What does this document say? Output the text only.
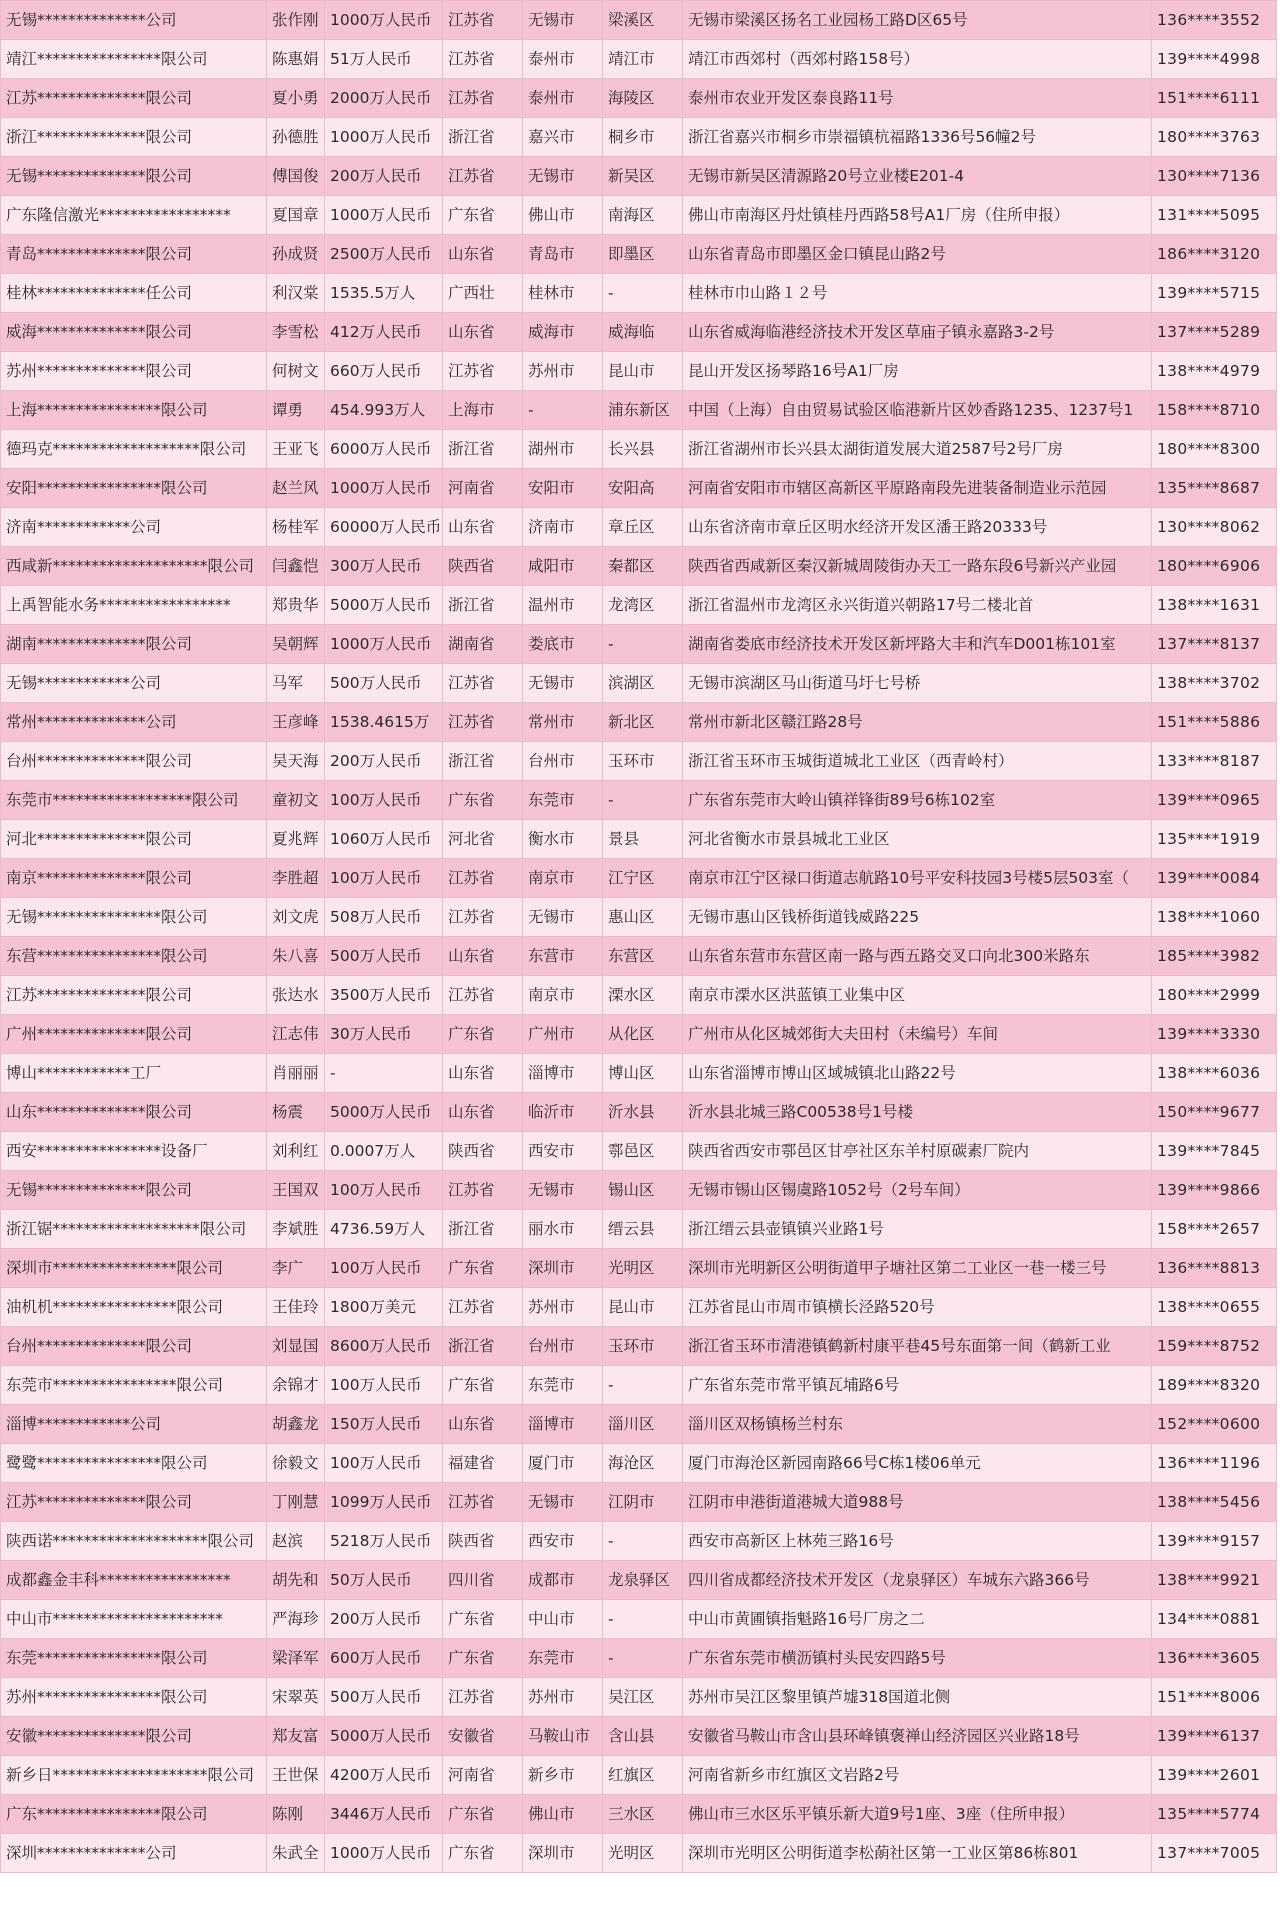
无锡**************公司	张作刚	1000万人民币	江苏省	无锡市	梁溪区	无锡市梁溪区扬名工业园杨工路D区65号	136****3552
靖江****************限公司	陈惠娟	51万人民币	江苏省	泰州市	靖江市	靖江市西郊村（西郊村路158号）	139****4998
江苏**************限公司	夏小勇	2000万人民币	江苏省	泰州市	海陵区	泰州市农业开发区泰良路11号	151****6111
浙江**************限公司	孙德胜	1000万人民币	浙江省	嘉兴市	桐乡市	浙江省嘉兴市桐乡市崇福镇杭福路1336号56幢2号	180****3763
无锡**************限公司	傅国俊	200万人民币	江苏省	无锡市	新吴区	无锡市新吴区清源路20号立业楼E201-4	130****7136
广东隆信激光*****************	夏国章	1000万人民币	广东省	佛山市	南海区	佛山市南海区丹灶镇桂丹西路58号A1厂房（住所申报）	131****5095
青岛**************限公司	孙成贤	2500万人民币	山东省	青岛市	即墨区	山东省青岛市即墨区金口镇昆山路2号	186****3120
桂林**************任公司	利汉棠	1535.5万人	广西壮	桂林市	-	桂林市巾山路１２号	139****5715
威海**************限公司	李雪松	412万人民币	山东省	威海市	威海临	山东省威海临港经济技术开发区草庙子镇永嘉路3-2号	137****5289
苏州**************限公司	何树文	660万人民币	江苏省	苏州市	昆山市	昆山开发区扬琴路16号A1厂房	138****4979
上海****************限公司	谭勇	454.993万人	上海市	-	浦东新区	中国（上海）自由贸易试验区临港新片区妙香路1235、1237号1	158****8710
德玛克*******************限公司	王亚飞	6000万人民币	浙江省	湖州市	长兴县	浙江省湖州市长兴县太湖街道发展大道2587号2号厂房	180****8300
安阳****************限公司	赵兰风	1000万人民币	河南省	安阳市	安阳高	河南省安阳市市辖区高新区平原路南段先进装备制造业示范园	135****8687
济南************公司	杨桂军	60000万人民币	山东省	济南市	章丘区	山东省济南市章丘区明水经济开发区潘王路20333号	130****8062
西咸新********************限公司	闫鑫恺	300万人民币	陕西省	咸阳市	秦都区	陕西省西咸新区秦汉新城周陵街办天工一路东段6号新兴产业园	180****6906
上禹智能水务*****************	郑贵华	5000万人民币	浙江省	温州市	龙湾区	浙江省温州市龙湾区永兴街道兴朝路17号二楼北首	138****1631
湖南**************限公司	吴朝辉	1000万人民币	湖南省	娄底市	-	湖南省娄底市经济技术开发区新坪路大丰和汽车D001栋101室	137****8137
无锡************公司	马军	500万人民币	江苏省	无锡市	滨湖区	无锡市滨湖区马山街道马圩七号桥	138****3702
常州**************公司	王彦峰	1538.4615万	江苏省	常州市	新北区	常州市新北区赣江路28号	151****5886
台州**************限公司	吴天海	200万人民币	浙江省	台州市	玉环市	浙江省玉环市玉城街道城北工业区（西青岭村）	133****8187
东莞市******************限公司	童初文	100万人民币	广东省	东莞市	-	广东省东莞市大岭山镇祥锋街89号6栋102室	139****0965
河北**************限公司	夏兆辉	1060万人民币	河北省	衡水市	景县	河北省衡水市景县城北工业区	135****1919
南京**************限公司	李胜超	100万人民币	江苏省	南京市	江宁区	南京市江宁区禄口街道志航路10号平安科技园3号楼5层503室（	139****0084
无锡****************限公司	刘文虎	508万人民币	江苏省	无锡市	惠山区	无锡市惠山区钱桥街道钱威路225	138****1060
东营****************限公司	朱八喜	500万人民币	山东省	东营市	东营区	山东省东营市东营区南一路与西五路交叉口向北300米路东	185****3982
江苏**************限公司	张达水	3500万人民币	江苏省	南京市	溧水区	南京市溧水区洪蓝镇工业集中区	180****2999
广州**************限公司	江志伟	30万人民币	广东省	广州市	从化区	广州市从化区城郊街大夫田村（未编号）车间	139****3330
博山************工厂	肖丽丽	-	山东省	淄博市	博山区	山东省淄博市博山区域城镇北山路22号	138****6036
山东**************限公司	杨震	5000万人民币	山东省	临沂市	沂水县	沂水县北城三路C00538号1号楼	150****9677
西安****************设备厂	刘利红	0.0007万人	陕西省	西安市	鄠邑区	陕西省西安市鄠邑区甘亭社区东羊村原碳素厂院内	139****7845
无锡**************限公司	王国双	100万人民币	江苏省	无锡市	锡山区	无锡市锡山区锡虞路1052号（2号车间）	139****9866
浙江锯*******************限公司	李斌胜	4736.59万人	浙江省	丽水市	缙云县	浙江缙云县壶镇镇兴业路1号	158****2657
深圳市****************限公司	李广	100万人民币	广东省	深圳市	光明区	深圳市光明新区公明街道甲子塘社区第二工业区一巷一楼三号	136****8813
油机机****************限公司	王佳玲	1800万美元	江苏省	苏州市	昆山市	江苏省昆山市周市镇横长泾路520号	138****0655
台州**************限公司	刘显国	8600万人民币	浙江省	台州市	玉环市	浙江省玉环市清港镇鹤新村康平巷45号东面第一间（鹤新工业	159****8752
东莞市****************限公司	余锦才	100万人民币	广东省	东莞市	-	广东省东莞市常平镇瓦埔路6号	189****8320
淄博************公司	胡鑫龙	150万人民币	山东省	淄博市	淄川区	淄川区双杨镇杨兰村东	152****0600
鹭鹭****************限公司	徐毅文	100万人民币	福建省	厦门市	海沧区	厦门市海沧区新园南路66号C栋1楼06单元	136****1196
江苏**************限公司	丁刚慧	1099万人民币	江苏省	无锡市	江阴市	江阴市申港街道港城大道988号	138****5456
陕西诺********************限公司	赵滨	5218万人民币	陕西省	西安市	-	西安市高新区上林苑三路16号	139****9157
成都鑫金丰科*****************	胡先和	50万人民币	四川省	成都市	龙泉驿区	四川省成都经济技术开发区（龙泉驿区）车城东六路366号	138****9921
中山市**********************	严海珍	200万人民币	广东省	中山市	-	中山市黄圃镇指魁路16号厂房之二	134****0881
东莞****************限公司	梁泽军	600万人民币	广东省	东莞市	-	广东省东莞市横沥镇村头民安四路5号	136****3605
苏州****************限公司	宋翠英	500万人民币	江苏省	苏州市	吴江区	苏州市吴江区黎里镇芦墟318国道北侧	151****8006
安徽**************限公司	郑友富	5000万人民币	安徽省	马鞍山市	含山县	安徽省马鞍山市含山县环峰镇褒禅山经济园区兴业路18号	139****6137
新乡日********************限公司	王世保	4200万人民币	河南省	新乡市	红旗区	河南省新乡市红旗区文岩路2号	139****2601
广东****************限公司	陈刚	3446万人民币	广东省	佛山市	三水区	佛山市三水区乐平镇乐新大道9号1座、3座（住所申报）	135****5774
深圳**************公司	朱武全	1000万人民币	广东省	深圳市	光明区	深圳市光明区公明街道李松蓢社区第一工业区第86栋801	137****7005
